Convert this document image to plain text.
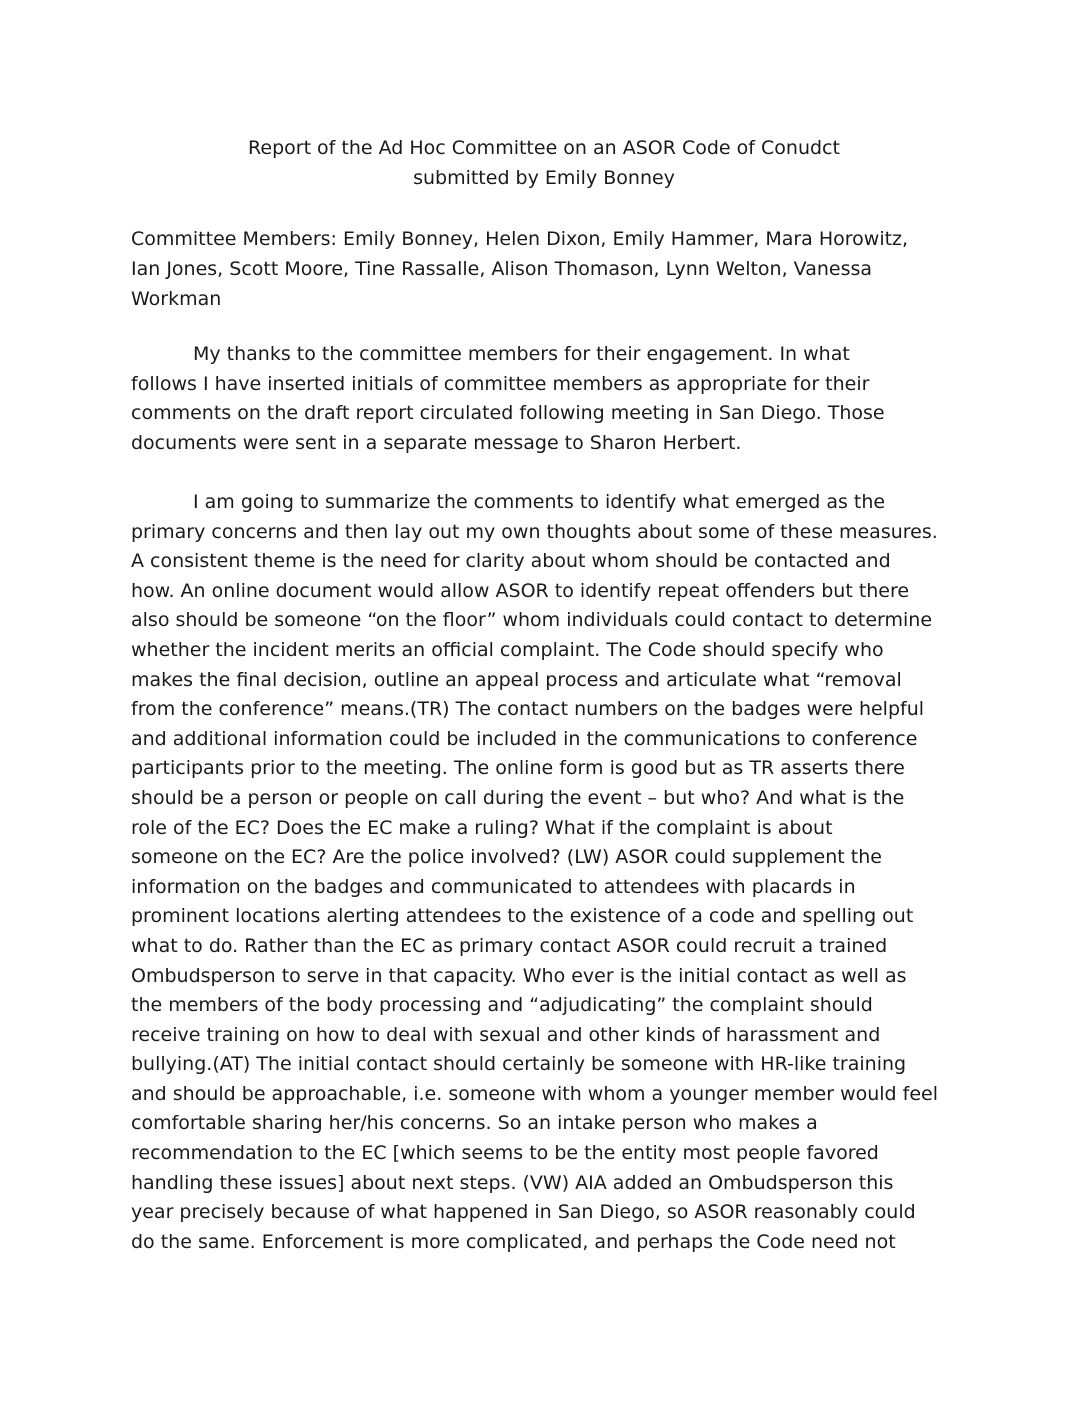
Report of the Ad Hoc Committee on an ASOR Code of Conudct
submitted by Emily Bonney
Committee Members: Emily Bonney, Helen Dixon, Emily Hammer, Mara Horowitz,
Ian Jones, Scott Moore, Tine Rassalle, Alison Thomason, Lynn Welton, Vanessa
Workman
My thanks to the committee members for their engagement. In what
follows I have inserted initials of committee members as appropriate for their
comments on the draft report circulated following meeting in San Diego. Those
documents were sent in a separate message to Sharon Herbert.
I am going to summarize the comments to identify what emerged as the
primary concerns and then lay out my own thoughts about some of these measures.
A consistent theme is the need for clarity about whom should be contacted and
how. An online document would allow ASOR to identify repeat offenders but there
also should be someone “on the floor” whom individuals could contact to determine
whether the incident merits an official complaint. The Code should specify who
makes the final decision, outline an appeal process and articulate what “removal
from the conference” means.(TR) The contact numbers on the badges were helpful
and additional information could be included in the communications to conference
participants prior to the meeting. The online form is good but as TR asserts there
should be a person or people on call during the event – but who? And what is the
role of the EC? Does the EC make a ruling? What if the complaint is about
someone on the EC? Are the police involved? (LW) ASOR could supplement the
information on the badges and communicated to attendees with placards in
prominent locations alerting attendees to the existence of a code and spelling out
what to do. Rather than the EC as primary contact ASOR could recruit a trained
Ombudsperson to serve in that capacity. Who ever is the initial contact as well as
the members of the body processing and “adjudicating” the complaint should
receive training on how to deal with sexual and other kinds of harassment and
bullying.(AT) The initial contact should certainly be someone with HR-like training
and should be approachable, i.e. someone with whom a younger member would feel
comfortable sharing her/his concerns. So an intake person who makes a
recommendation to the EC [which seems to be the entity most people favored
handling these issues] about next steps. (VW) AIA added an Ombudsperson this
year precisely because of what happened in San Diego, so ASOR reasonably could
do the same. Enforcement is more complicated, and perhaps the Code need not
